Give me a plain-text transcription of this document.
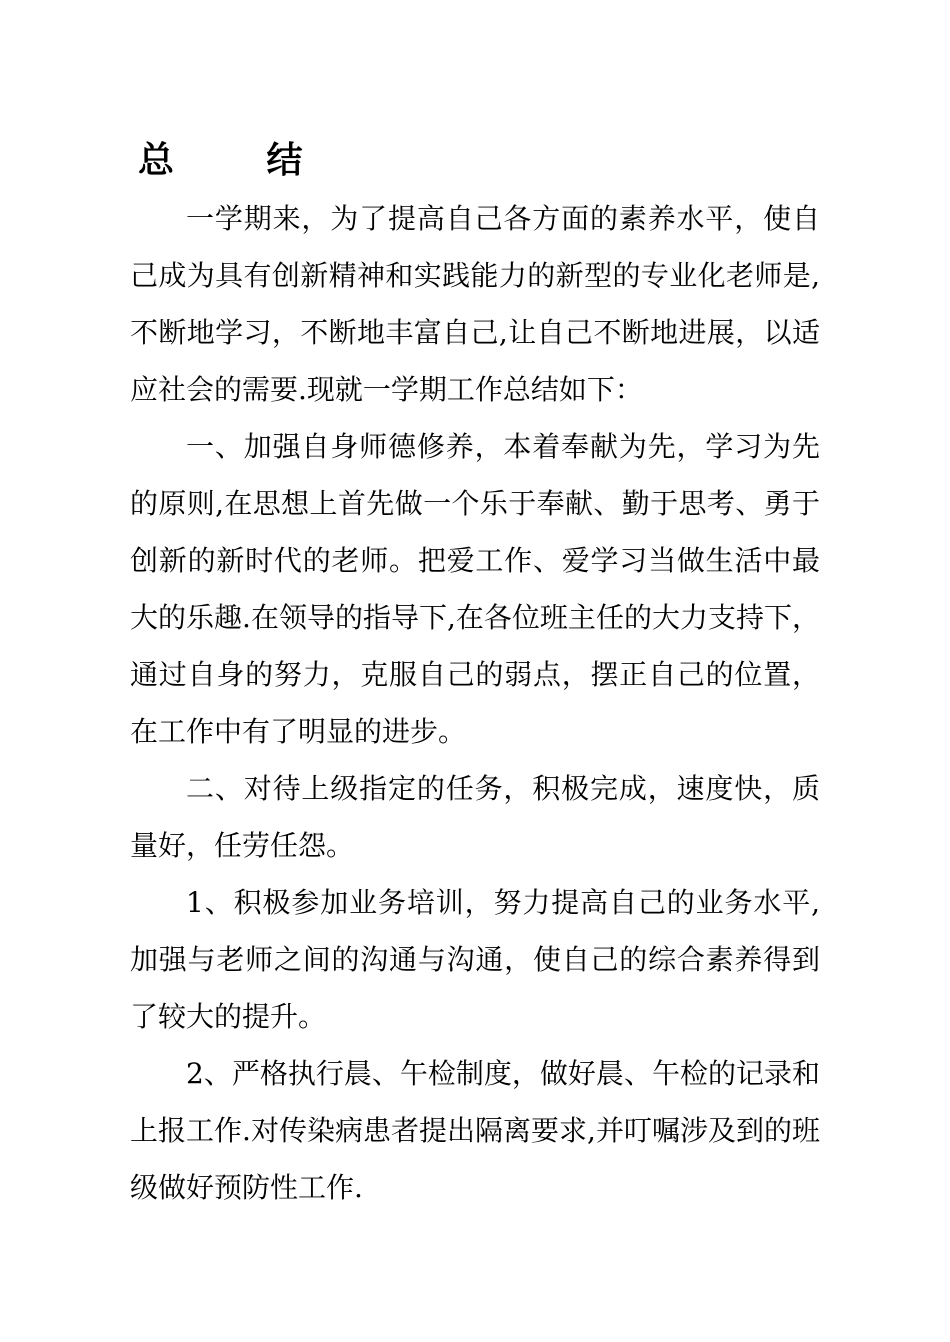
总 结

一学期来，为了提高自己各方面的素养水平，使自己成为具有创新精神和实践能力的新型的专业化老师是,不断地学习，不断地丰富自己,让自己不断地进展，以适应社会的需要.现就一学期工作总结如下：

一、加强自身师德修养，本着奉献为先，学习为先的原则,在思想上首先做一个乐于奉献、勤于思考、勇于创新的新时代的老师。把爱工作、爱学习当做生活中最大的乐趣.在领导的指导下,在各位班主任的大力支持下，通过自身的努力，克服自己的弱点，摆正自己的位置，在工作中有了明显的进步。

二、对待上级指定的任务，积极完成，速度快，质量好，任劳任怨。

1、积极参加业务培训，努力提高自己的业务水平,加强与老师之间的沟通与沟通，使自己的综合素养得到了较大的提升。

2、严格执行晨、午检制度，做好晨、午检的记录和上报工作.对传染病患者提出隔离要求,并叮嘱涉及到的班级做好预防性工作.
